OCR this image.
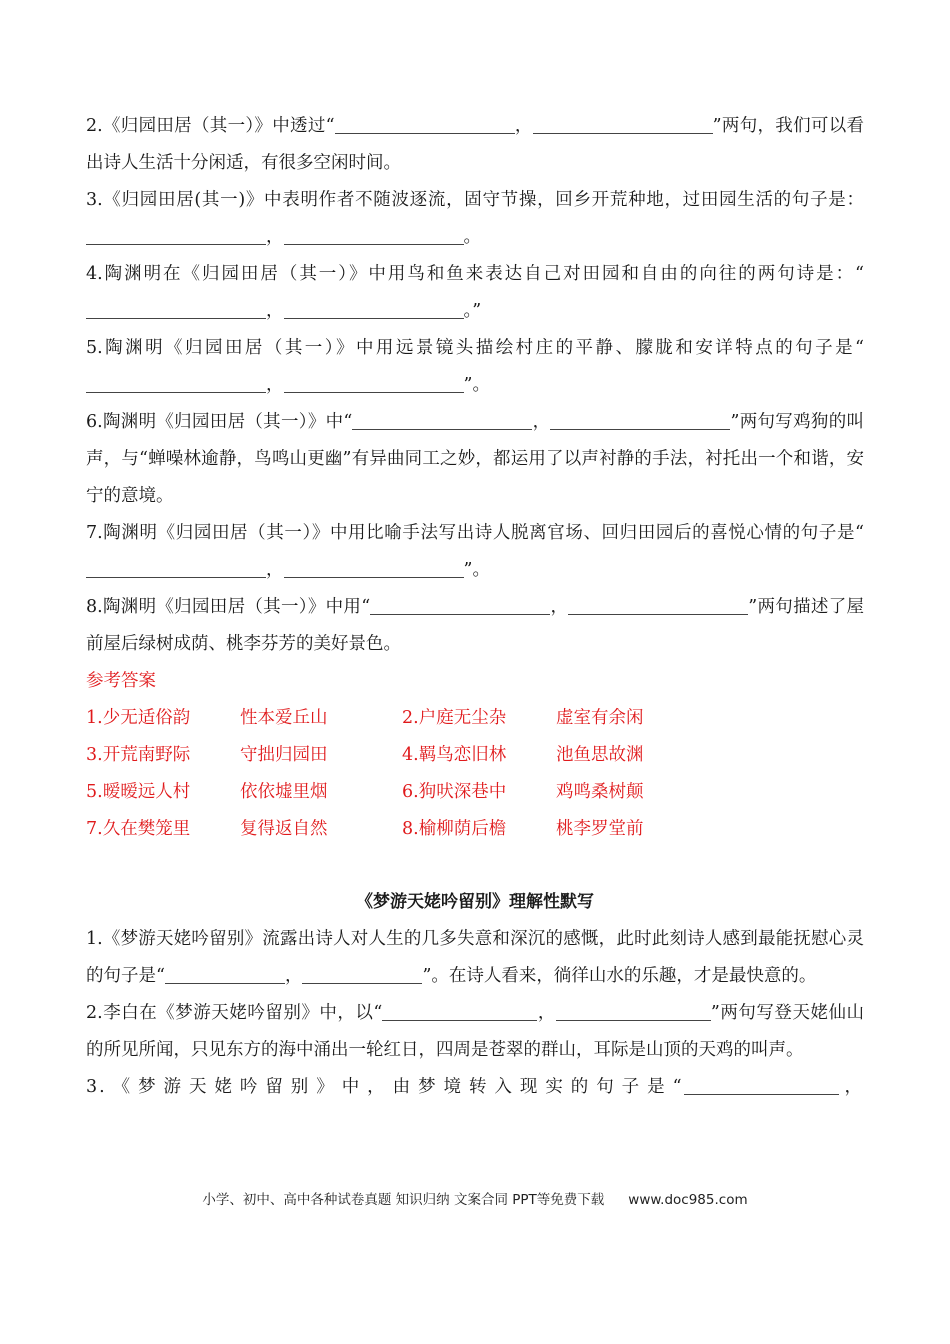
2.《归园田居（其一）》中透过“	，	”两句，我们可以看出诗人生活十分闲适，有很多空闲时间。

3.《归园田居(其一)》中表明作者不随波逐流，固守节操，回乡开荒种地，过田园生活的句子是：，	。

4.陶渊明在《归园田居（其一）》中用鸟和鱼来表达自己对田园和自由的向往的两句诗是：“，	。”

5.陶渊明《归园田居（其一）》中用远景镜头描绘村庄的平静、朦胧和安详特点的句子是“，	”。

6.陶渊明《归园田居（其一）》中“	，	”两句写鸡狗的叫声，与“蝉噪林逾静，鸟鸣山更幽”有异曲同工之妙，都运用了以声衬静的手法，衬托出一个和谐，安宁的意境。

7.陶渊明《归园田居（其一）》中用比喻手法写出诗人脱离官场、回归田园后的喜悦心情的句子是“，	”。

8.陶渊明《归园田居（其一）》中用“	，	”两句描述了屋前屋后绿树成荫、桃李芬芳的美好景色。

参考答案

1.少无适俗韵	性本爱丘山	2.户庭无尘杂	虚室有余闲
3.开荒南野际	守拙归园田	4.羁鸟恋旧林	池鱼思故渊
5.暧暧远人村	依依墟里烟	6.狗吠深巷中	鸡鸣桑树颠
7.久在樊笼里	复得返自然	8.榆柳荫后檐	桃李罗堂前

《梦游天姥吟留别》理解性默写

1.《梦游天姥吟留别》流露出诗人对人生的几多失意和深沉的感慨，此时此刻诗人感到最能抚慰心灵的句子是“	，	”。在诗人看来，徜徉山水的乐趣，才是最快意的。

2.李白在《梦游天姥吟留别》中，以“	，	”两句写登天姥仙山的所见所闻，只见东方的海中涌出一轮红日，四周是苍翠的群山，耳际是山顶的天鸡的叫声。

3.《梦游天姥吟留别》中，由梦境转入现实的句子是“	，

小学、初中、高中各种试卷真题 知识归纳 文案合同 PPT等免费下载 www.doc985.com
